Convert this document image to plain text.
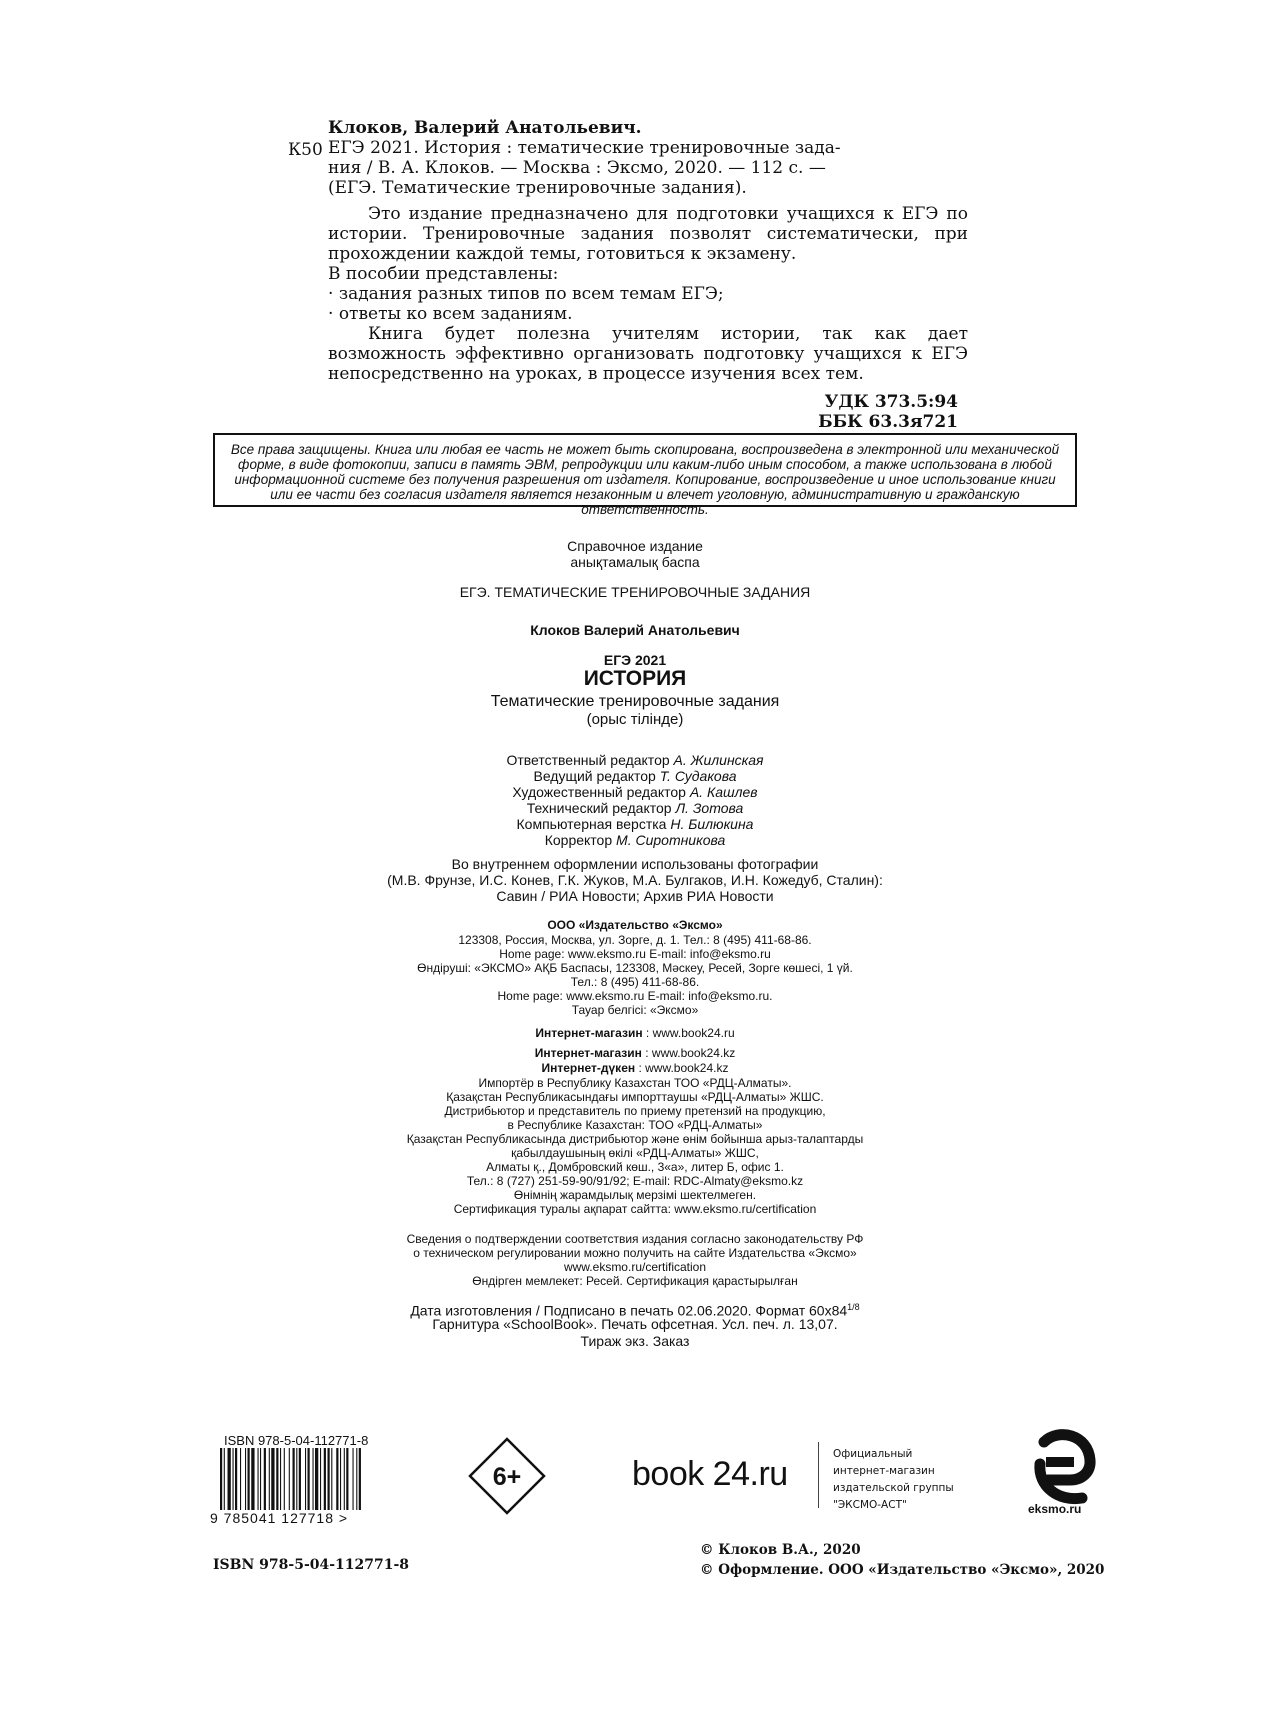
Клоков, Валерий Анатольевич.
К50 ЕГЭ 2021. История : тематические тренировочные зада-
ния / В. А. Клоков. — Москва : Эксмо, 2020. — 112 с. —
(ЕГЭ. Тематические тренировочные задания).
Это издание предназначено для подготовки учащихся к ЕГЭ по истории. Тренировочные задания позволят систематически, при прохождении каждой темы, готовиться к экзамену.
В пособии представлены:
· задания разных типов по всем темам ЕГЭ;
· ответы ко всем заданиям.
Книга будет полезна учителям истории, так как дает возможность эффективно организовать подготовку учащихся к ЕГЭ непосредственно на уроках, в процессе изучения всех тем.
УДК 373.5:94
ББК 63.3я721
Все права защищены. Книга или любая ее часть не может быть скопирована, воспроизведена в электронной или механической форме, в виде фотокопии, записи в память ЭВМ, репродукции или каким-либо иным способом, а также использована в любой информационной системе без получения разрешения от издателя. Копирование, воспроизведение и иное использование книги или ее части без согласия издателя является незаконным и влечет уголовную, административную и гражданскую ответственность.
Справочное издание
анықтамалық баспа
ЕГЭ. ТЕМАТИЧЕСКИЕ ТРЕНИРОВОЧНЫЕ ЗАДАНИЯ
Клоков Валерий Анатольевич
ЕГЭ 2021
ИСТОРИЯ
Тематические тренировочные задания
(орыс тілінде)
Ответственный редактор А. Жилинская
Ведущий редактор Т. Судакова
Художественный редактор А. Кашлев
Технический редактор Л. Зотова
Компьютерная верстка Н. Билюкина
Корректор М. Сиротникова
Во внутреннем оформлении использованы фотографии
(М.В. Фрунзе, И.С. Конев, Г.К. Жуков, М.А. Булгаков, И.Н. Кожедуб, Сталин):
Савин / РИА Новости; Архив РИА Новости
ООО «Издательство «Эксмо»
123308, Россия, Москва, ул. Зорге, д. 1. Тел.: 8 (495) 411-68-86.
Home page: www.eksmo.ru E-mail: info@eksmo.ru
Өндіруші: «ЭКСМО» АҚБ Баспасы, 123308, Мәскеу, Ресей, Зорге көшесі, 1 үй.
Тел.: 8 (495) 411-68-86.
Home page: www.eksmo.ru E-mail: info@eksmo.ru.
Тауар белгісі: «Эксмо»
Интернет-магазин : www.book24.ru
Интернет-магазин : www.book24.kz
Интернет-дүкен : www.book24.kz
Импортёр в Республику Казахстан ТОО «РДЦ-Алматы».
Қазақстан Республикасындағы импорттаушы «РДЦ-Алматы» ЖШС.
Дистрибьютор и представитель по приему претензий на продукцию,
в Республике Казахстан: ТОО «РДЦ-Алматы»
Қазақстан Республикасында дистрибьютор және өнім бойынша арыз-талаптарды
қабылдаушының өкілі «РДЦ-Алматы» ЖШС,
Алматы қ., Домбровский көш., 3«а», литер Б, офис 1.
Тел.: 8 (727) 251-59-90/91/92; E-mail: RDC-Almaty@eksmo.kz
Өнімнің жарамдылық мерзімі шектелмеген.
Сертификация туралы ақпарат сайтта: www.eksmo.ru/certification
Сведения о подтверждении соответствия издания согласно законодательству РФ
о техническом регулировании можно получить на сайте Издательства «Эксмо»
www.eksmo.ru/certification
Өндірген мемлекет: Ресей. Сертификация қарастырылған
Дата изготовления / Подписано в печать 02.06.2020. Формат $60x84^{1/8}$
Гарнитура «SchoolBook». Печать офсетная. Усл. печ. л. 13,07.
Тираж экз. Заказ
ISBN 978-5-04-112771-8
9 785041 127718 >
6+	book 24.ru
Официальный
интернет-магазин
издательской группы
"ЭКСМО-АСТ"	eksmo.ru
ISBN 978-5-04-112771-8
© Клоков В.А., 2020
© Оформление. ООО «Издательство «Эксмо», 2020
